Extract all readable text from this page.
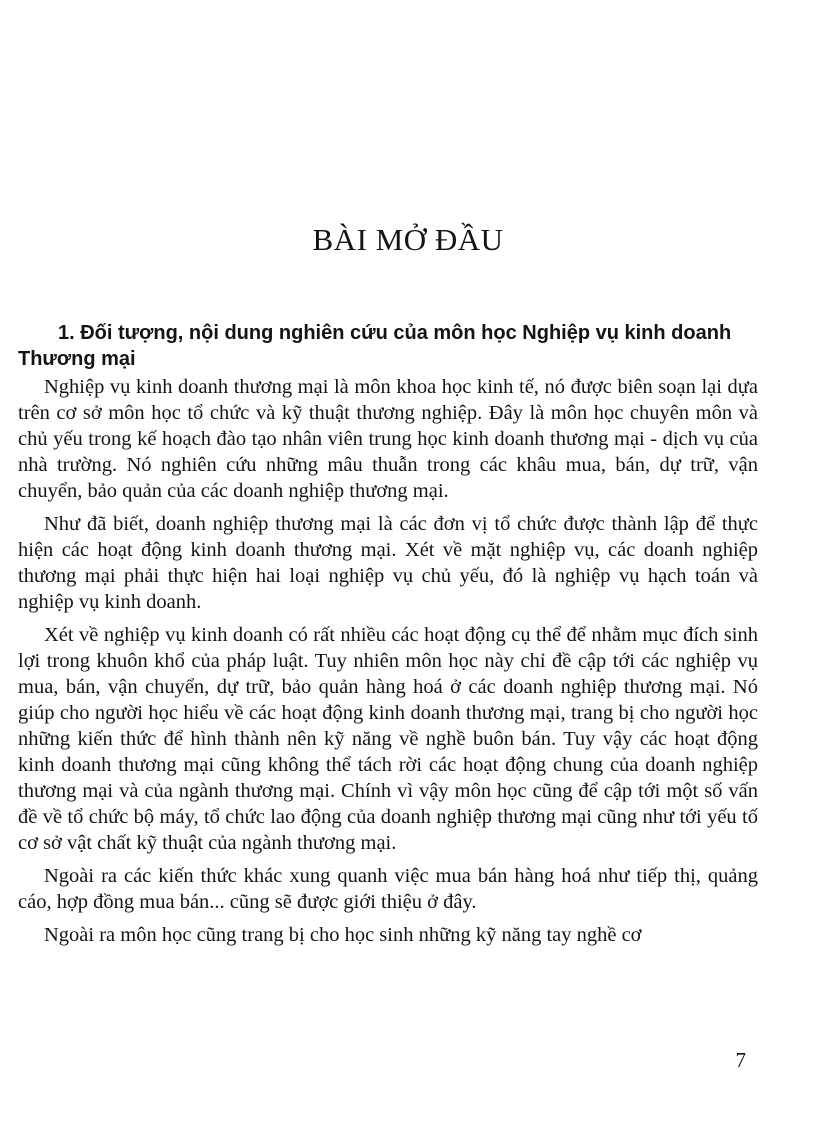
BÀI MỞ ĐẦU
1. Đối tượng, nội dung nghiên cứu của môn học Nghiệp vụ kinh doanh Thương mại

Nghiệp vụ kinh doanh thương mại là môn khoa học kinh tế, nó được biên soạn lại dựa trên cơ sở môn học tổ chức và kỹ thuật thương nghiệp. Đây là môn học chuyên môn và chủ yếu trong kế hoạch đào tạo nhân viên trung học kinh doanh thương mại - dịch vụ của nhà trường. Nó nghiên cứu những mâu thuẫn trong các khâu mua, bán, dự trữ, vận chuyển, bảo quản của các doanh nghiệp thương mại.

Như đã biết, doanh nghiệp thương mại là các đơn vị tổ chức được thành lập để thực hiện các hoạt động kinh doanh thương mại. Xét về mặt nghiệp vụ, các doanh nghiệp thương mại phải thực hiện hai loại nghiệp vụ chủ yếu, đó là nghiệp vụ hạch toán và nghiệp vụ kinh doanh.

Xét về nghiệp vụ kinh doanh có rất nhiều các hoạt động cụ thể để nhằm mục đích sinh lợi trong khuôn khổ của pháp luật. Tuy nhiên môn học này chỉ đề cập tới các nghiệp vụ mua, bán, vận chuyển, dự trữ, bảo quản hàng hoá ở các doanh nghiệp thương mại. Nó giúp cho người học hiểu về các hoạt động kinh doanh thương mại, trang bị cho người học những kiến thức để hình thành nên kỹ năng về nghề buôn bán. Tuy vậy các hoạt động kinh doanh thương mại cũng không thể tách rời các hoạt động chung của doanh nghiệp thương mại và của ngành thương mại. Chính vì vậy môn học cũng để cập tới một số vấn đề về tổ chức bộ máy, tổ chức lao động của doanh nghiệp thương mại cũng như tới yếu tố cơ sở vật chất kỹ thuật của ngành thương mại.

Ngoài ra các kiến thức khác xung quanh việc mua bán hàng hoá như tiếp thị, quảng cáo, hợp đồng mua bán... cũng sẽ được giới thiệu ở đây.

Ngoài ra môn học cũng trang bị cho học sinh những kỹ năng tay nghề cơ

7
